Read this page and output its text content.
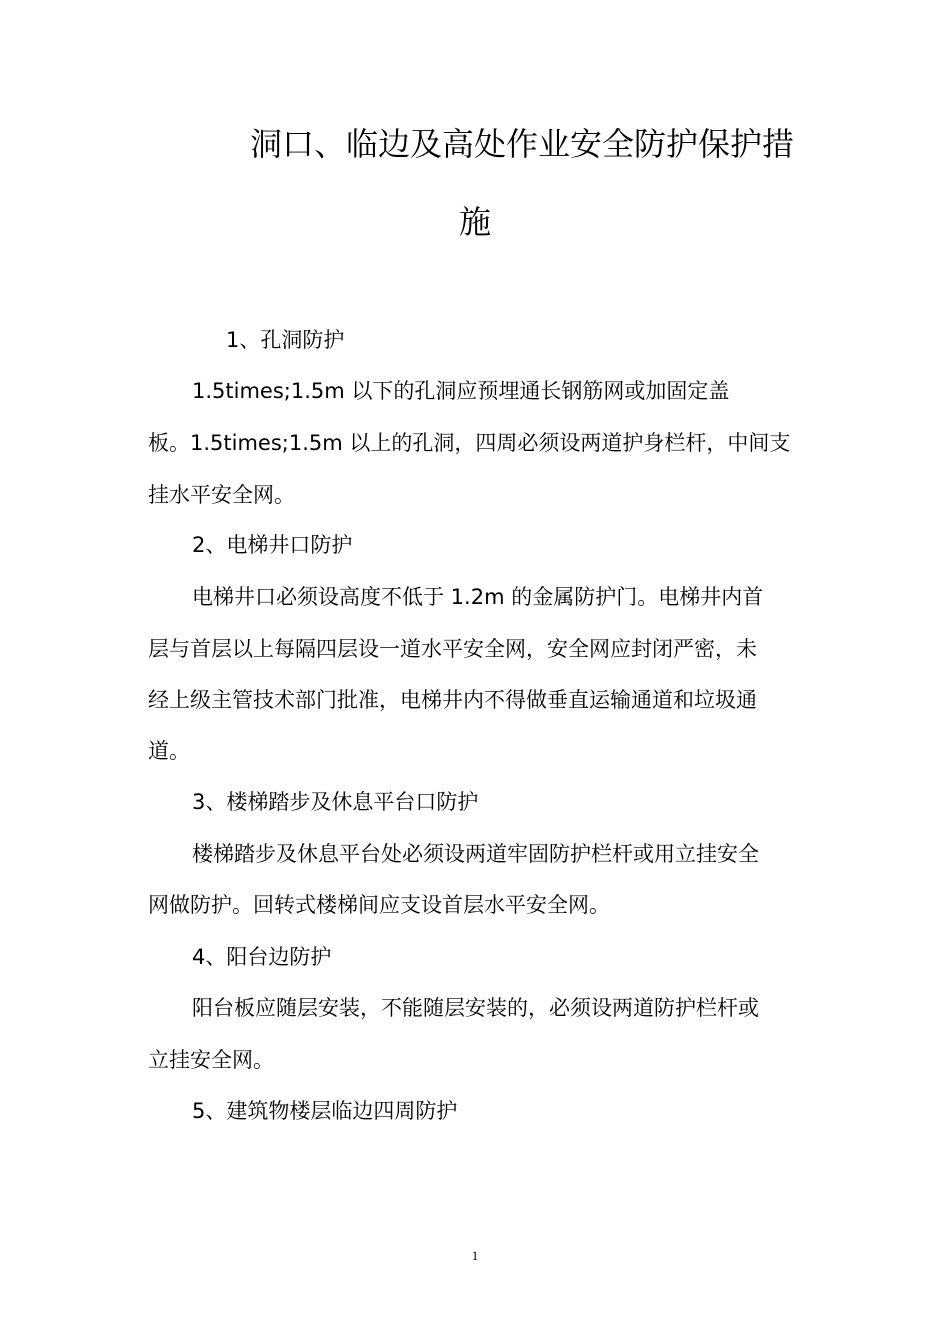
洞口、临边及高处作业安全防护保护措
施
1、孔洞防护
1.5times;1.5m 以下的孔洞应预埋通长钢筋网或加固定盖
板。1.5times;1.5m 以上的孔洞，四周必须设两道护身栏杆，中间支
挂水平安全网。
2、电梯井口防护
电梯井口必须设高度不低于 1.2m 的金属防护门。电梯井内首
层与首层以上每隔四层设一道水平安全网，安全网应封闭严密，未
经上级主管技术部门批准，电梯井内不得做垂直运输通道和垃圾通
道。
3、楼梯踏步及休息平台口防护
楼梯踏步及休息平台处必须设两道牢固防护栏杆或用立挂安全
网做防护。回转式楼梯间应支设首层水平安全网。
4、阳台边防护
阳台板应随层安装，不能随层安装的，必须设两道防护栏杆或
立挂安全网。
5、建筑物楼层临边四周防护
1
